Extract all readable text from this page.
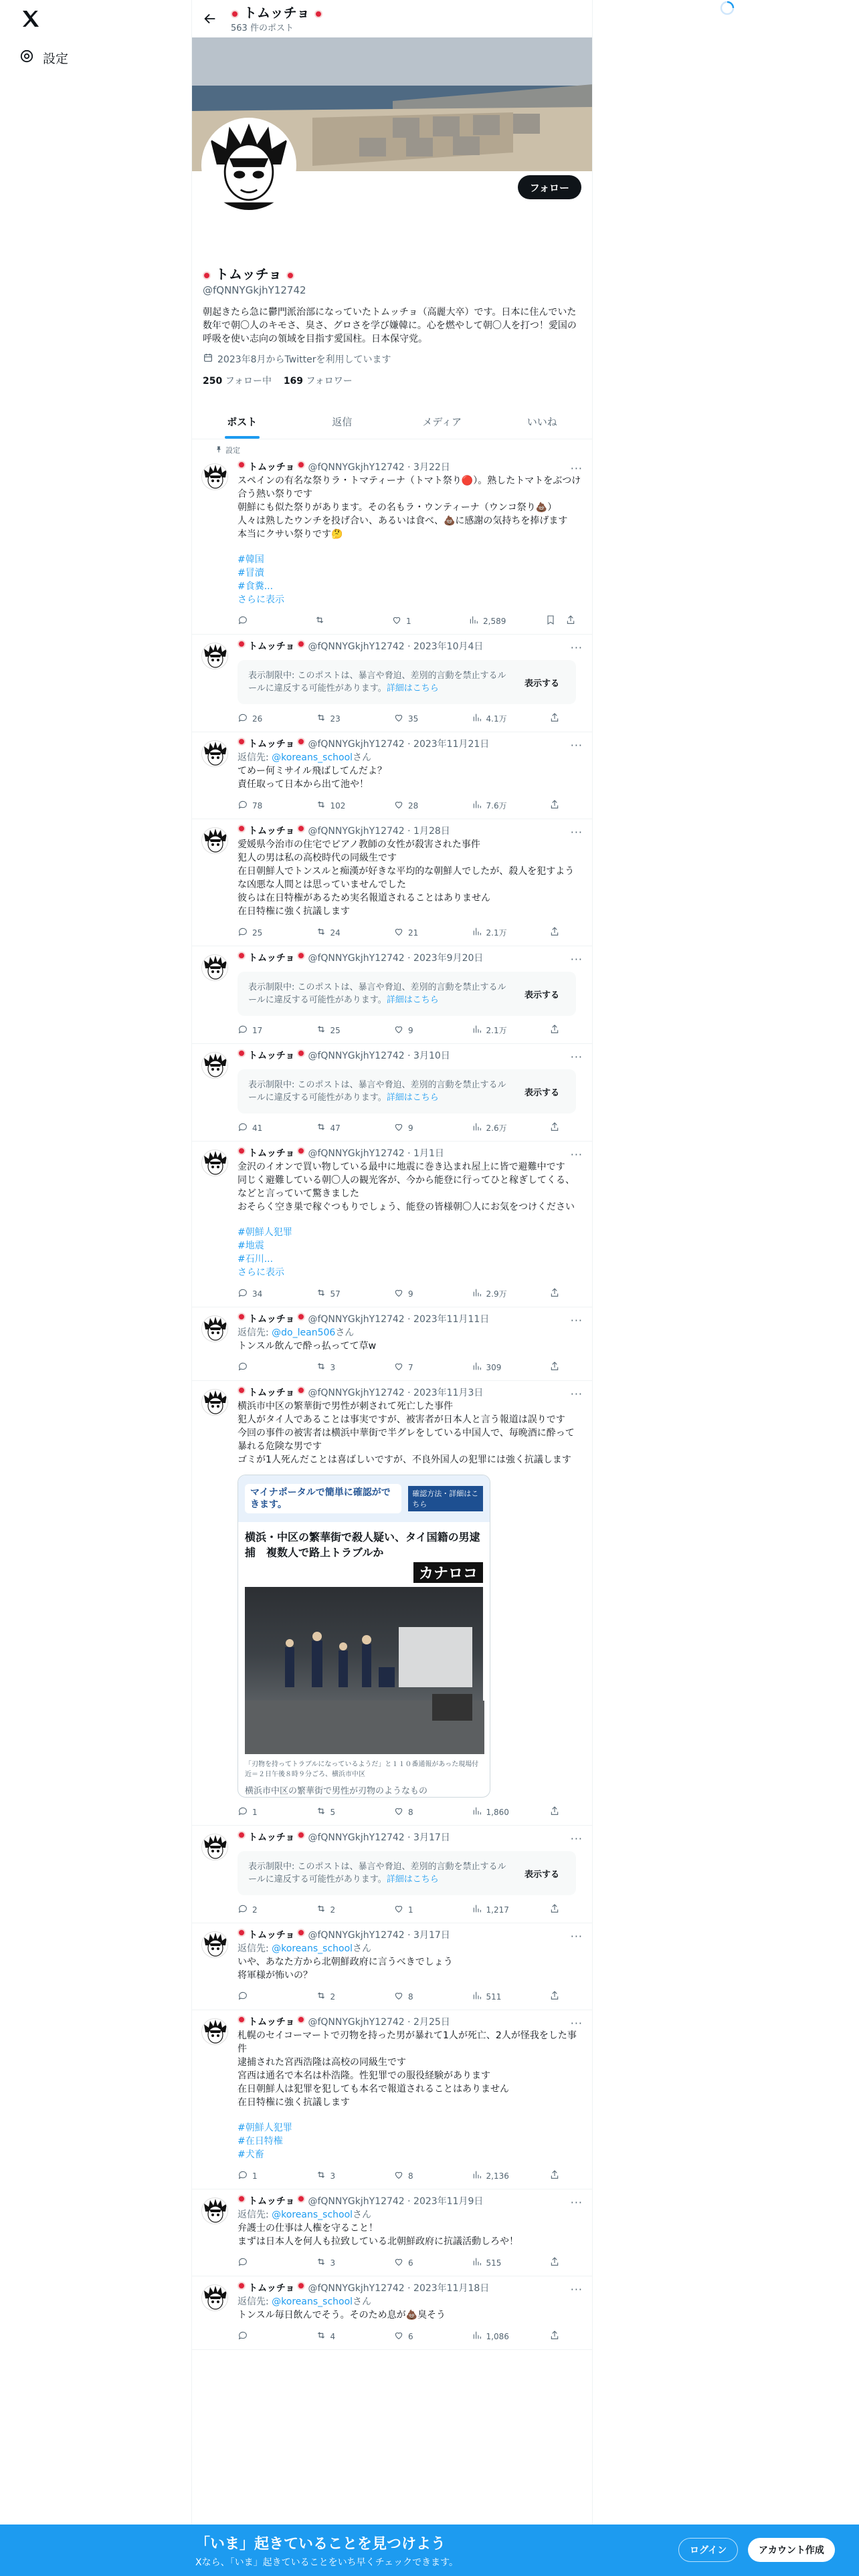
設定
トムッチョ
563 件のポスト
フォロー
トムッチョ
@fQNNYGkjhY12742
朝起きたら急に鬱門派治部になっていたトムッチョ（高麗大卒）です。日本に住んでいた数年で朝〇人のキモさ、臭さ、グロさを学び嫌韓に。心を燃やして朝〇人を打つ！愛国の呼吸を使い志向の領域を目指す愛国柱。日本保守党。
2023年8月からTwitterを利用しています
250 フォロー中 169 フォロワー
ポスト	返信	メディア	いいね
設定
トムッチョ @fQNNYGkjhY12742 · 3月22日	···
スペインの有名な祭りラ・トマティーナ（トマト祭り🔴）。熟したトマトをぶつけ合う熱い祭りです
朝鮮にも似た祭りがあります。その名もラ・ウンティーナ（ウンコ祭り💩）
人々は熟したウンチを投げ合い、あるいは食べ、💩に感謝の気持ちを捧げます
本当にクサい祭りです🤔
#韓国
#冒瀆
#食糞...
さらに表示
1	2,589
トムッチョ @fQNNYGkjhY12742 · 2023年10月4日	···
表示制限中: このポストは、暴言や脅迫、差別的言動を禁止するルールに違反する可能性があります。詳細はこちら	表示する
26	23	35	4.1万
トムッチョ @fQNNYGkjhY12742 · 2023年11月21日	···
返信先: @koreans_schoolさん
てめー何ミサイル飛ばしてんだよ？
責任取って日本から出て池や！
78	102	28	7.6万
トムッチョ @fQNNYGkjhY12742 · 1月28日	···
愛媛県今治市の住宅でピアノ教師の女性が殺害された事件
犯人の男は私の高校時代の同級生です
在日朝鮮人でトンスルと痴漢が好きな平均的な朝鮮人でしたが、殺人を犯すような凶悪な人間とは思っていませんでした
彼らは在日特権があるため実名報道されることはありません
在日特権に強く抗議します
25	24	21	2.1万
トムッチョ @fQNNYGkjhY12742 · 2023年9月20日	···
表示制限中: このポストは、暴言や脅迫、差別的言動を禁止するルールに違反する可能性があります。詳細はこちら	表示する
17	25	9	2.1万
トムッチョ @fQNNYGkjhY12742 · 3月10日	···
表示制限中: このポストは、暴言や脅迫、差別的言動を禁止するルールに違反する可能性があります。詳細はこちら	表示する
41	47	9	2.6万
トムッチョ @fQNNYGkjhY12742 · 1月1日	···
金沢のイオンで買い物している最中に地震に巻き込まれ屋上に皆で避難中です
同じく避難している朝〇人の観光客が、今から能登に行ってひと稼ぎしてくる、などと言っていて驚きました
おそらく空き巣で稼ぐつもりでしょう、能登の皆様朝〇人にお気をつけください
#朝鮮人犯罪
#地震
#石川...
さらに表示
34	57	9	2.9万
トムッチョ @fQNNYGkjhY12742 · 2023年11月11日	···
返信先: @do_lean506さん
トンスル飲んで酔っ払ってて草w
3	7	309
トムッチョ @fQNNYGkjhY12742 · 2023年11月3日	···
横浜市中区の繁華街で男性が刺されて死亡した事件
犯人がタイ人であることは事実ですが、被害者が日本人と言う報道は誤りです
今回の事件の被害者は横浜中華街で半グレをしている中国人で、毎晩酒に酔って暴れる危険な男です
ゴミが1人死んだことは喜ばしいですが、不良外国人の犯罪には強く抗議します
マイナポータルで簡単に確認ができます。
確認方法・詳細はこちら
横浜・中区の繁華街で殺人疑い、タイ国籍の男逮捕　複数人で路上トラブルか
カナロコ
「刃物を持ってトラブルになっているようだ」と１１０番通報があった現場付近＝２日午後８時９分ごろ、横浜市中区
横浜市中区の繁華街で男性が刃物のようなもの
1	5	8	1,860
トムッチョ @fQNNYGkjhY12742 · 3月17日	···
表示制限中: このポストは、暴言や脅迫、差別的言動を禁止するルールに違反する可能性があります。詳細はこちら	表示する
2	2	1	1,217
トムッチョ @fQNNYGkjhY12742 · 3月17日	···
返信先: @koreans_schoolさん
いや、あなた方から北朝鮮政府に言うべきでしょう
将軍様が怖いの？
2	8	511
トムッチョ @fQNNYGkjhY12742 · 2月25日	···
札幌のセイコーマートで刃物を持った男が暴れて1人が死亡、2人が怪我をした事件
逮捕された宮西浩隆は高校の同級生です
宮西は通名で本名は朴浩隆。性犯罪での服役経験があります
在日朝鮮人は犯罪を犯しても本名で報道されることはありません
在日特権に強く抗議します
#朝鮮人犯罪
#在日特権
#犬畜
1	3	8	2,136
トムッチョ @fQNNYGkjhY12742 · 2023年11月9日	···
返信先: @koreans_schoolさん
弁護士の仕事は人権を守ること！
まずは日本人を何人も拉致している北朝鮮政府に抗議活動しろや！
3	6	515
トムッチョ @fQNNYGkjhY12742 · 2023年11月18日	···
返信先: @koreans_schoolさん
トンスル毎日飲んでそう。そのため息が💩臭そう
4	6	1,086
「いま」起きていることを見つけよう
Xなら、「いま」起きていることをいち早くチェックできます。
ログイン	アカウント作成
